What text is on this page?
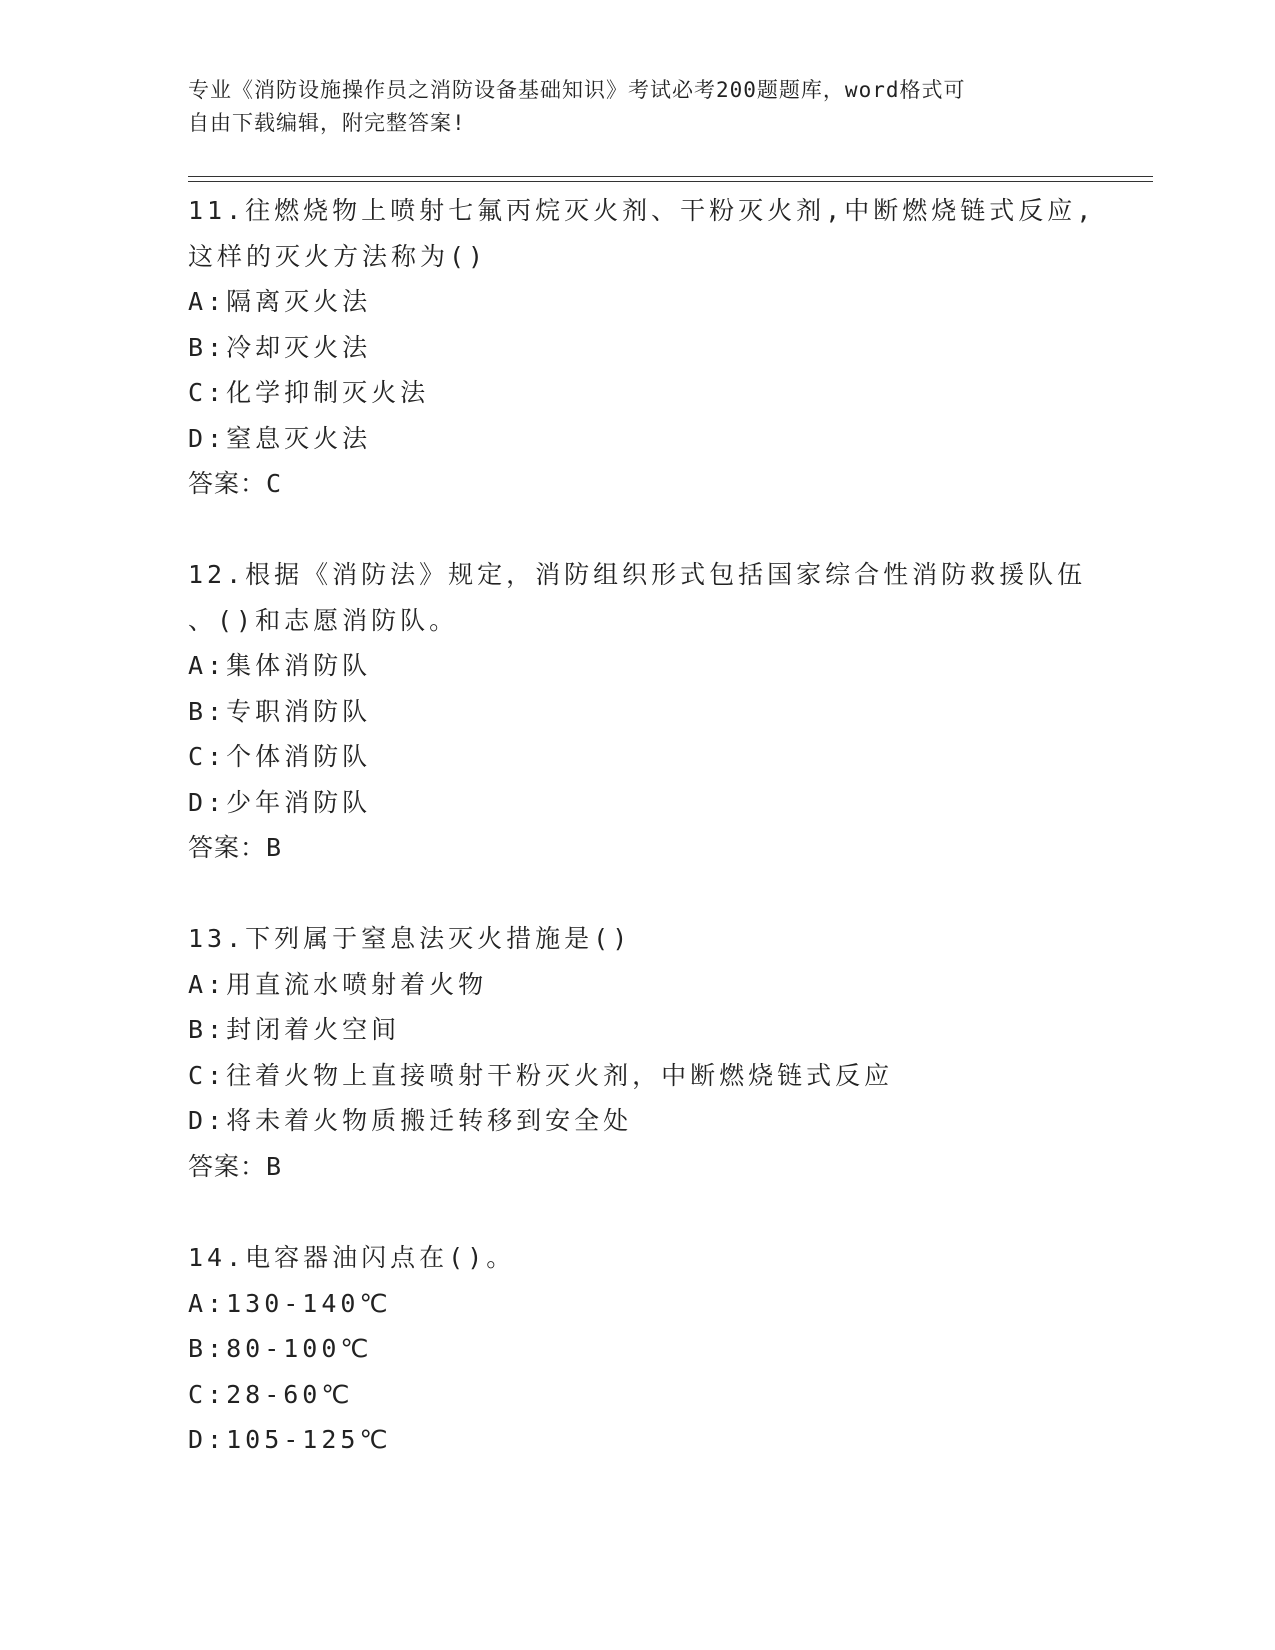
专业《消防设施操作员之消防设备基础知识》考试必考200题题库，word格式可
自由下载编辑，附完整答案!
11.往燃烧物上喷射七氟丙烷灭火剂、干粉灭火剂,中断燃烧链式反应,
这样的灭火方法称为()
A:隔离灭火法
B:冷却灭火法
C:化学抑制灭火法
D:窒息灭火法
答案：C
12.根据《消防法》规定，消防组织形式包括国家综合性消防救援队伍
、()和志愿消防队。
A:集体消防队
B:专职消防队
C:个体消防队
D:少年消防队
答案：B
13.下列属于窒息法灭火措施是()
A:用直流水喷射着火物
B:封闭着火空间
C:往着火物上直接喷射干粉灭火剂，中断燃烧链式反应
D:将未着火物质搬迁转移到安全处
答案：B
14.电容器油闪点在()。
A:130-140℃
B:80-100℃
C:28-60℃
D:105-125℃
